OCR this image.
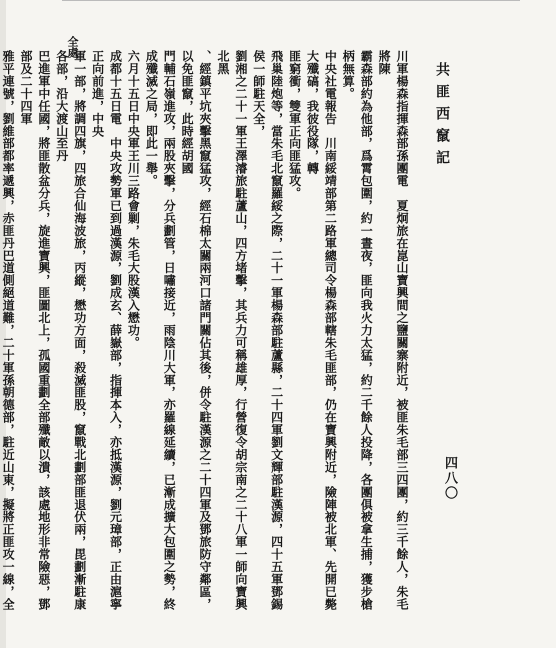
全處
共匪西竄記
四八〇

川軍楊森指揮森部孫團電　夏炯旅在崑山寶興間之鹽關寨附近，被匪朱毛部三四團，約三千餘人，朱毛將陳

霸森部約為他部，爲霄包圍，約一晝夜，匪向我火力太猛，約二千餘人投降，各團俱被拿生捕，獲步槍柄無算。

中央社電報告　川南綏靖部第二路軍總司令楊森部轄朱毛匪部，仍在寶興附近，險陣被北軍、先開已斃大殲碻，我彼役隊，轉

匪窮衝，雙軍正向匪猛攻。

飛巢陸炮等，當朱毛北竄羅綏之際，二十一軍楊森部駐蘆縣，二十四軍劉文輝部駐漢源，四十五軍鄧錫侯一師駐天全，

劉湘之二十一軍王澤濬旅駐蘆山，四方堵擊，其兵力可稱雄厚，行營復令胡宗南之二十八軍一師向寶興北黑

、經鎮平坑夾擊黑竄猛攻，經石棉太關兩河口諸門關佔其後，併令駐漢源之二十四軍及鄧旅防守鄰區，以免匪竄，此時經胡國

門輔石嶺進攻，兩股夾擊，分兵劃管，日嘯接近，雨陰川大軍，亦羅線延續，已漸成擴大包圍之勢，終成殲滅之局，即此一舉。

六月十五日中央軍王川三路會剿，朱毛大股漢入懋功。

成都十五日電　中央攻勢軍已到過漢源，劉成玄、薛嶽部，指揮本入，亦抵漢源，劉元璋部，正由滬寧正向前進，中央

軍一部，將調四旗，四旅合仙海波旅，丙縱，懋功方面，殺滅匪股，竄戰北劃部匪退伏兩，毘劃漸駐康各部，沿大渡山至丹

巴進軍中任國，將匪散盆分兵，旋進寶興，匪圖北上，孤國重劃全部殲敵以潰，該處地形非常險惡，鄧部及二十四軍

雅平連號，劉維部都率遞興，赤匪丹巴道側絕道難，二十軍孫朝德部，駐近山東，擬將正匪攻一線，全
